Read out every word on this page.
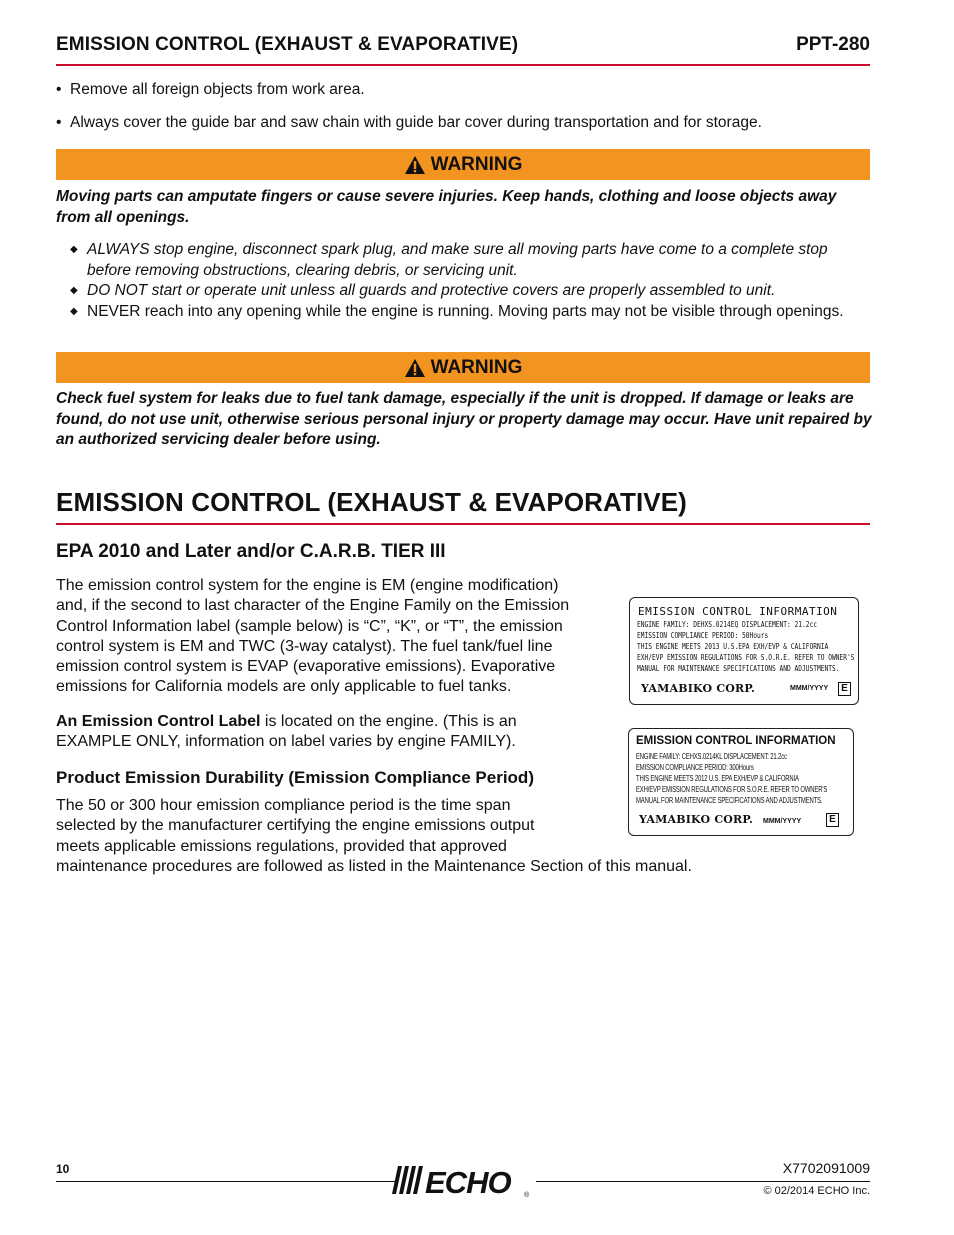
EMISSION CONTROL (EXHAUST & EVAPORATIVE)	PPT-280
• Remove all foreign objects from work area.
• Always cover the guide bar and saw chain with guide bar cover during transportation and for storage.
WARNING
Moving parts can amputate fingers or cause severe injuries. Keep hands, clothing and loose objects away from all openings.
◆ ALWAYS stop engine, disconnect spark plug, and make sure all moving parts have come to a complete stop before removing obstructions, clearing debris, or servicing unit.
◆ DO NOT start or operate unit unless all guards and protective covers are properly assembled to unit.
◆ NEVER reach into any opening while the engine is running. Moving parts may not be visible through openings.
WARNING
Check fuel system for leaks due to fuel tank damage, especially if the unit is dropped. If damage or leaks are found, do not use unit, otherwise serious personal injury or property damage may occur. Have unit repaired by an authorized servicing dealer before using.
EMISSION CONTROL (EXHAUST & EVAPORATIVE)
EPA 2010 and Later and/or C.A.R.B. TIER III
The emission control system for the engine is EM (engine modification)
and, if the second to last character of the Engine Family on the Emission
Control Information label (sample below) is “C”, “K”, or “T”, the emission
control system is EM and TWC (3-way catalyst). The fuel tank/fuel line
emission control system is EVAP (evaporative emissions). Evaporative
emissions for California models are only applicable to fuel tanks.
An Emission Control Label is located on the engine. (This is an
EXAMPLE ONLY, information on label varies by engine FAMILY).
Product Emission Durability (Emission Compliance Period)
The 50 or 300 hour emission compliance period is the time span
selected by the manufacturer certifying the engine emissions output
meets applicable emissions regulations, provided that approved
maintenance procedures are followed as listed in the Maintenance Section of this manual.
EMISSION CONTROL INFORMATION
ENGINE FAMILY: DEHXS.0214EQ DISPLACEMENT: 21.2cc
EMISSION COMPLIANCE PERIOD: 50Hours
THIS ENGINE MEETS 2013 U.S.EPA EXH/EVP & CALIFORNIA
EXH/EVP EMISSION REGULATIONS FOR S.O.R.E. REFER TO OWNER'S
MANUAL FOR MAINTENANCE SPECIFICATIONS AND ADJUSTMENTS.
YAMABIKO CORP.	MMM/YYYY	E
EMISSION CONTROL INFORMATION
ENGINE FAMILY: CEHXS.0214KL DISPLACEMENT: 21.2cc
EMISSION COMPLIANCE PERIOD: 300Hours
THIS ENGINE MEETS 2012 U.S. EPA EXH/EVP & CALIFORNIA
EXH/EVP EMISSION REGULATIONS FOR S.O.R.E. REFER TO OWNER'S
MANUAL FOR MAINTENANCE SPECIFICATIONS AND ADJUSTMENTS.
YAMABIKO CORP. MMM/YYYY	E
10	ECHO ®
X7702091009
© 02/2014 ECHO Inc.
